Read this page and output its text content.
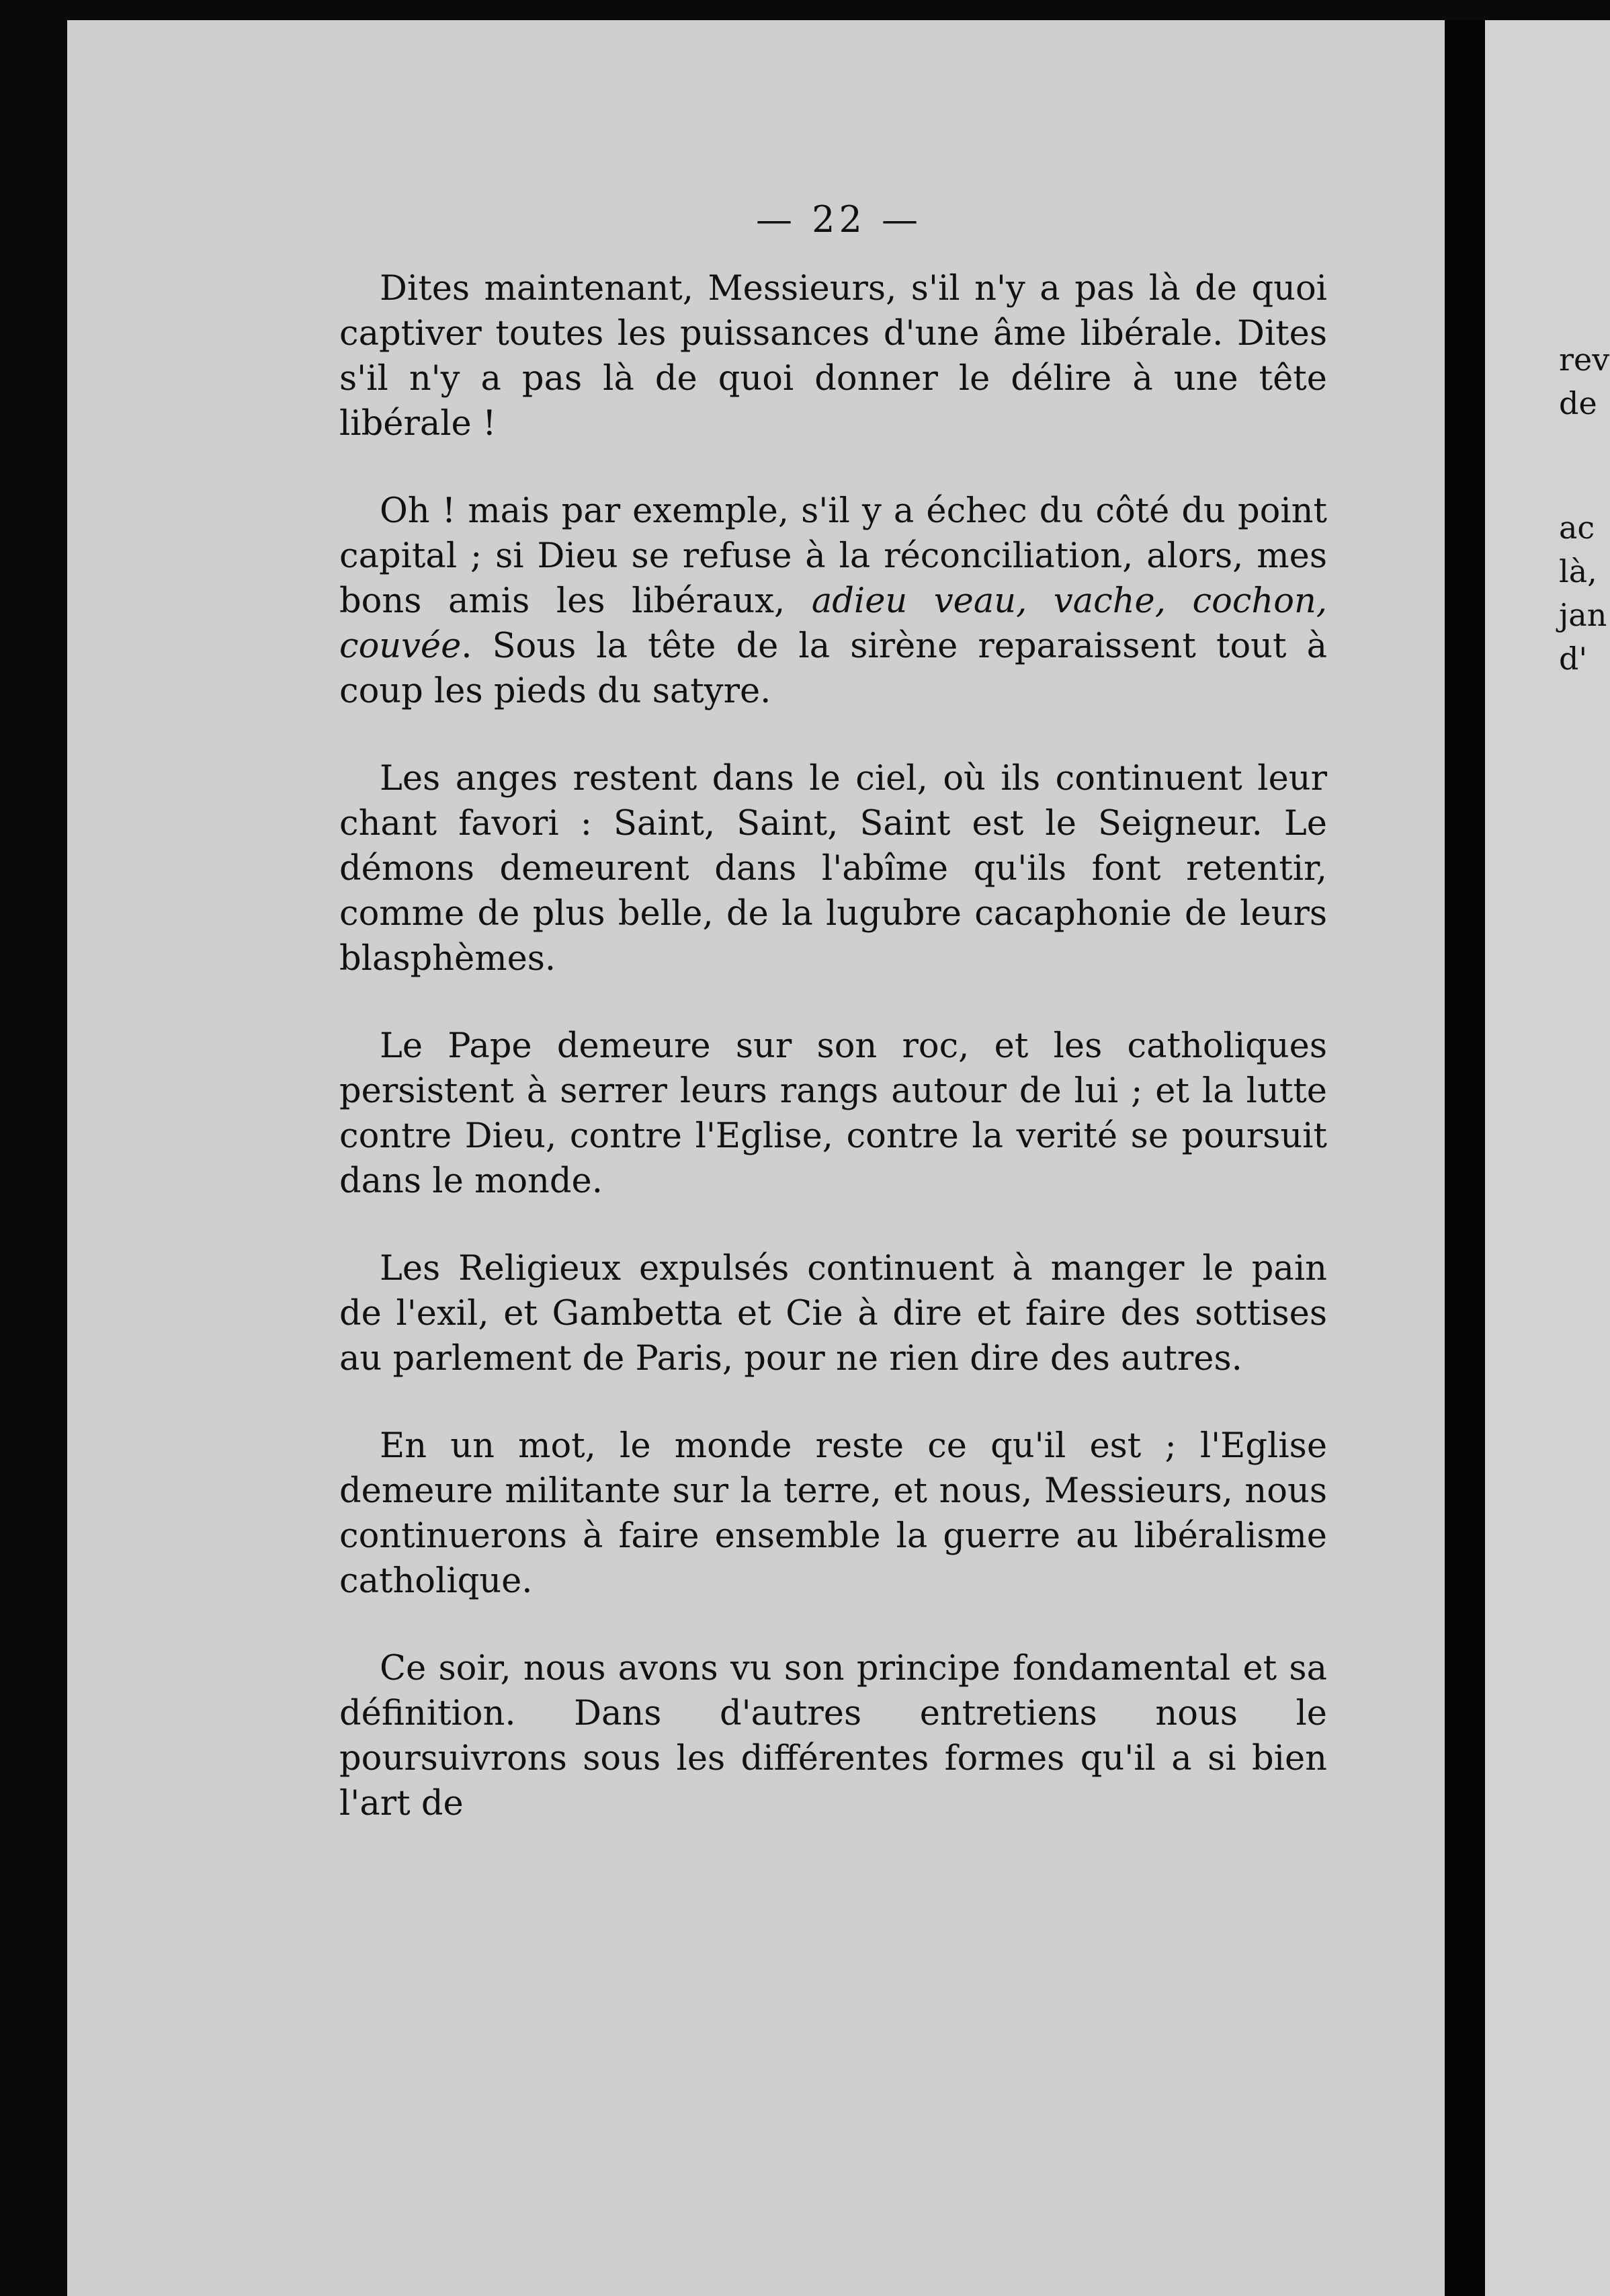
— 22 —

Dites maintenant, Messieurs, s'il n'y a pas là de quoi captiver toutes les puissances d'une âme libérale. Dites s'il n'y a pas là de quoi donner le délire à une tête libérale !

Oh ! mais par exemple, s'il y a échec du côté du point capital ; si Dieu se refuse à la réconciliation, alors, mes bons amis les libéraux, adieu veau, vache, cochon, couvée. Sous la tête de la sirène reparaissent tout à coup les pieds du satyre.

Les anges restent dans le ciel, où ils continuent leur chant favori : Saint, Saint, Saint est le Seigneur. Le démons demeurent dans l'abîme qu'ils font retentir, comme de plus belle, de la lugubre cacaphonie de leurs blasphèmes.

Le Pape demeure sur son roc, et les catholiques persistent à serrer leurs rangs autour de lui ; et la lutte contre Dieu, contre l'Eglise, contre la verité se poursuit dans le monde.

Les Religieux expulsés continuent à manger le pain de l'exil, et Gambetta et Cie à dire et faire des sottises au parlement de Paris, pour ne rien dire des autres.

En un mot, le monde reste ce qu'il est ; l'Eglise demeure militante sur la terre, et nous, Messieurs, nous continuerons à faire ensemble la guerre au libéralisme catholique.

Ce soir, nous avons vu son principe fondamental et sa définition. Dans d'autres entretiens nous le poursuivrons sous les différentes formes qu'il a si bien l'art de

rev
de
ac
là,
jan
d'
